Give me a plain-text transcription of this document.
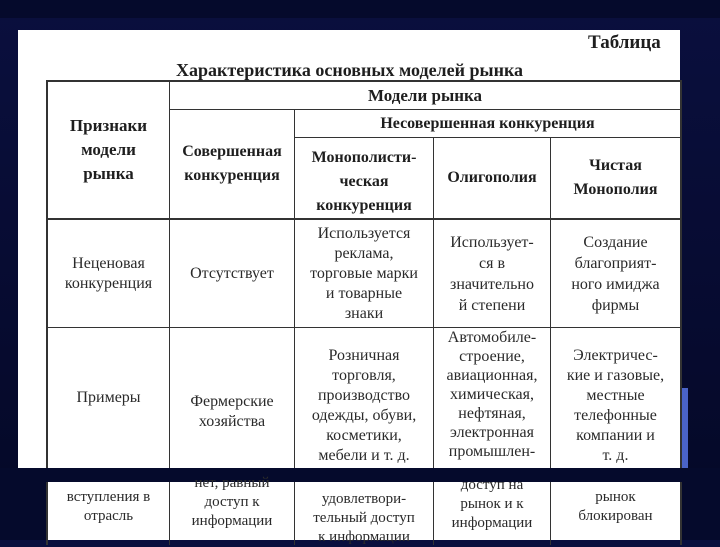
Таблица
Характеристика основных моделей рынка
Признаки
модели
рынка
Модели рынка
Несовершенная конкуренция
Совершенная
конкуренция
Монополисти-
ческая
конкуренция
Олигополия
Чистая
Монополия
Неценовая
конкуренция
Отсутствует
Используется
реклама,
торговые марки
и товарные
знаки
Использует-
ся в
значительно
й степени
Создание
благоприят-
ного имиджа
фирмы
Примеры	Фермерские
хозяйства
Розничная
торговля,
производство
одежды, обуви,
косметики,
мебели и т. д.
Автомобиле-
строение,
авиационная,
химическая,
нефтяная,
электронная
промышлен-
Электричес-
кие и газовые,
местные
телефонные
компании и
т. д.
вступления в
отрасль
нет, равный
доступ к
информации
удовлетвори-
тельный доступ
к информации
доступ на
рынок и к
информации
рынок
блокирован
